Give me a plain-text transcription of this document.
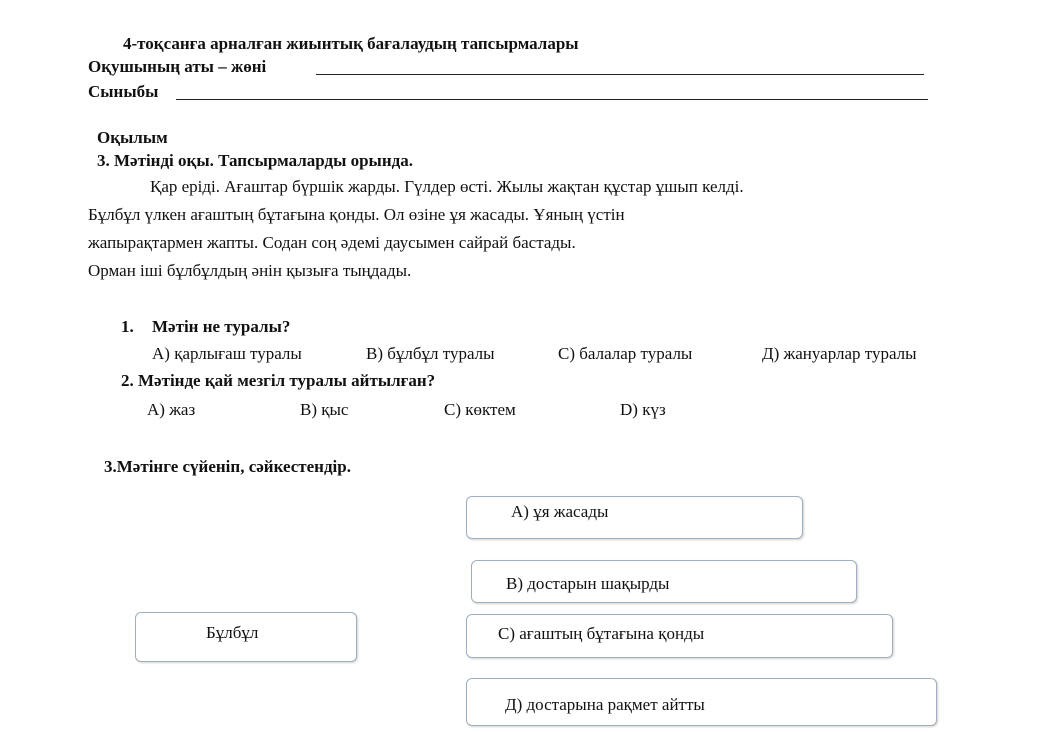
4-тоқсанға арналған жиынтық бағалаудың тапсырмалары
Оқушының аты – жөні
Сыныбы
Оқылым
3. Мәтінді оқы. Тапсырмаларды орында.
Қар еріді. Ағаштар бүршік жарды. Гүлдер өсті. Жылы жақтан құстар ұшып келді.
Бұлбұл үлкен ағаштың бұтағына қонды. Ол өзіне ұя жасады. Ұяның үстін
жапырақтармен жапты. Содан соң әдемі даусымен сайрай бастады.
Орман іші бұлбұлдың әнін қызыға тыңдады.
1. Мәтін не туралы?
А) қарлығаш туралы	В) бұлбұл туралы	С) балалар туралы	Д) жануарлар туралы
2. Мәтінде қай мезгіл туралы айтылған?
А) жаз	В) қыс	С) көктем	D) күз
3.Мәтінге сүйеніп, сәйкестендір.
Бұлбұл
А) ұя жасады
В) достарын шақырды
С) ағаштың бұтағына қонды
Д) достарына рақмет айтты
